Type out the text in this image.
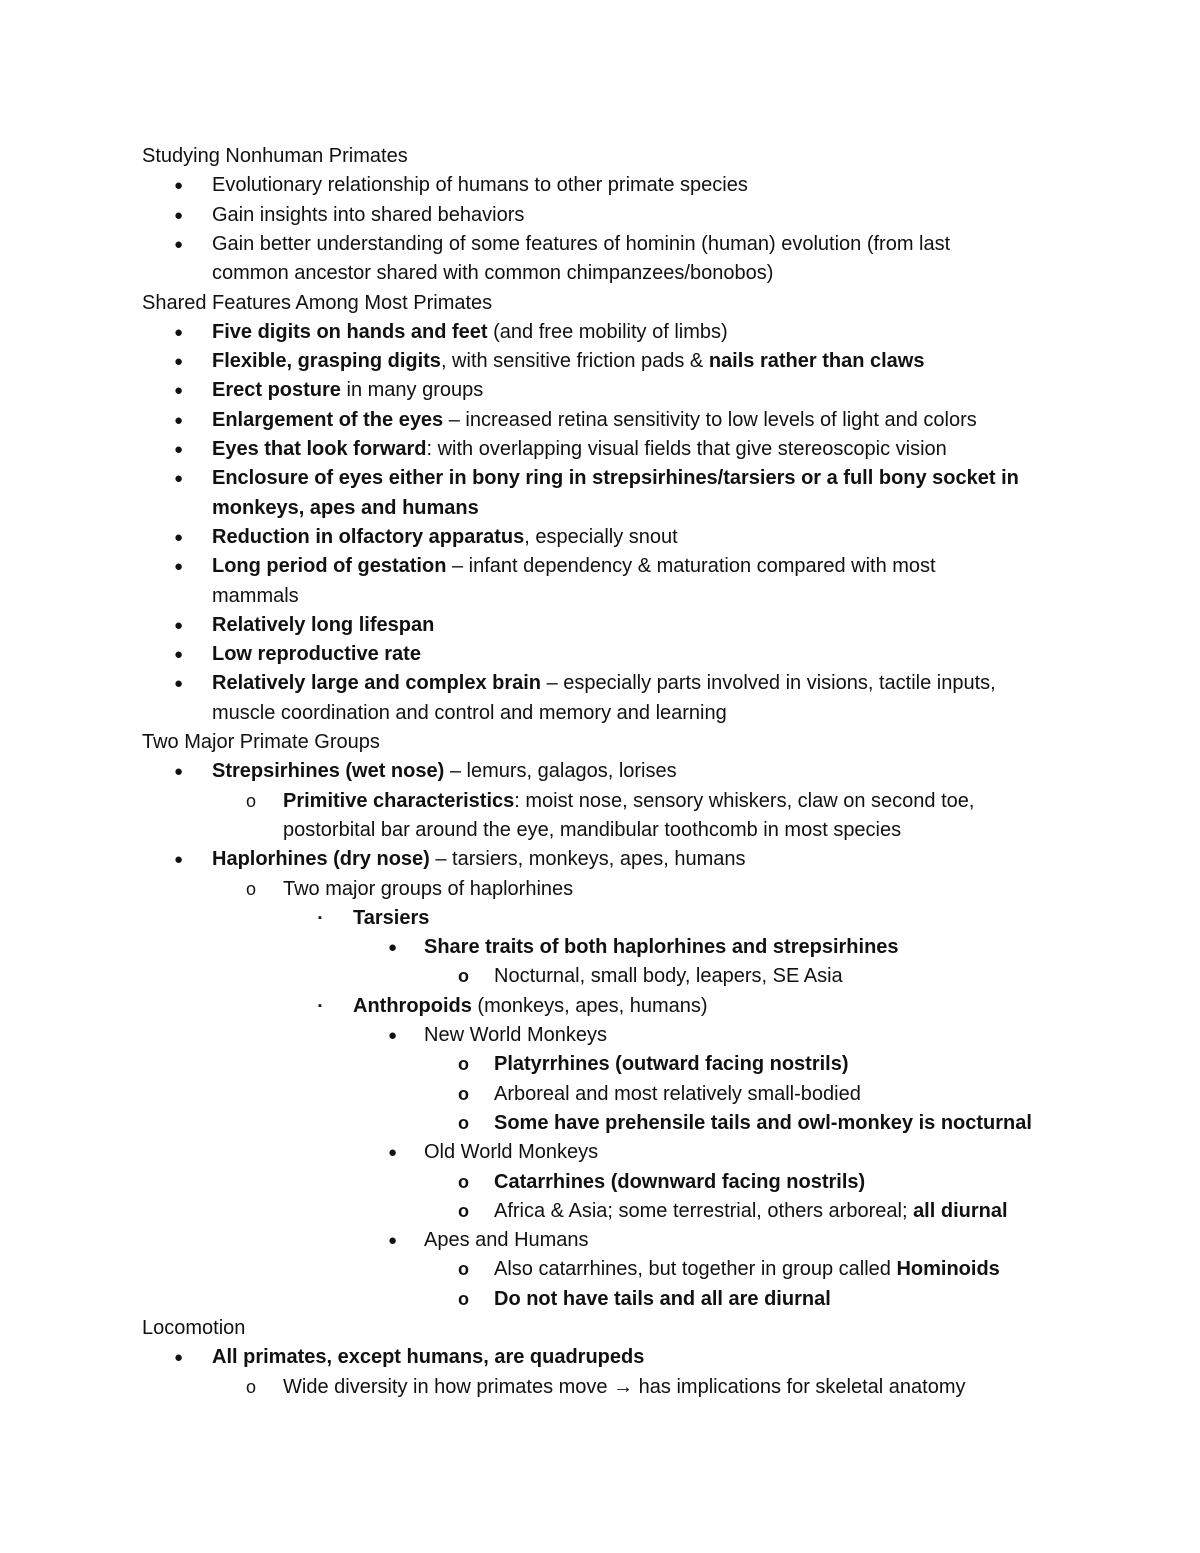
Studying Nonhuman Primates
● Evolutionary relationship of humans to other primate species
● Gain insights into shared behaviors
● Gain better understanding of some features of hominin (human) evolution (from last
common ancestor shared with common chimpanzees/bonobos)
Shared Features Among Most Primates
● Five digits on hands and feet (and free mobility of limbs)
● Flexible, grasping digits, with sensitive friction pads & nails rather than claws
● Erect posture in many groups
● Enlargement of the eyes – increased retina sensitivity to low levels of light and colors
● Eyes that look forward: with overlapping visual fields that give stereoscopic vision
● Enclosure of eyes either in bony ring in strepsirhines/tarsiers or a full bony socket in
monkeys, apes and humans
● Reduction in olfactory apparatus, especially snout
● Long period of gestation – infant dependency & maturation compared with most
mammals
● Relatively long lifespan
● Low reproductive rate
● Relatively large and complex brain – especially parts involved in visions, tactile inputs,
muscle coordination and control and memory and learning
Two Major Primate Groups
● Strepsirhines (wet nose) – lemurs, galagos, lorises
o Primitive characteristics: moist nose, sensory whiskers, claw on second toe,
postorbital bar around the eye, mandibular toothcomb in most species
● Haplorhines (dry nose) – tarsiers, monkeys, apes, humans
o Two major groups of haplorhines
▪ Tarsiers
● Share traits of both haplorhines and strepsirhines
o Nocturnal, small body, leapers, SE Asia
▪ Anthropoids (monkeys, apes, humans)
● New World Monkeys
o Platyrrhines (outward facing nostrils)
o Arboreal and most relatively small-bodied
o Some have prehensile tails and owl-monkey is nocturnal
● Old World Monkeys
o Catarrhines (downward facing nostrils)
o Africa & Asia; some terrestrial, others arboreal; all diurnal
● Apes and Humans
o Also catarrhines, but together in group called Hominoids
o Do not have tails and all are diurnal
Locomotion
● All primates, except humans, are quadrupeds
o Wide diversity in how primates move → has implications for skeletal anatomy
